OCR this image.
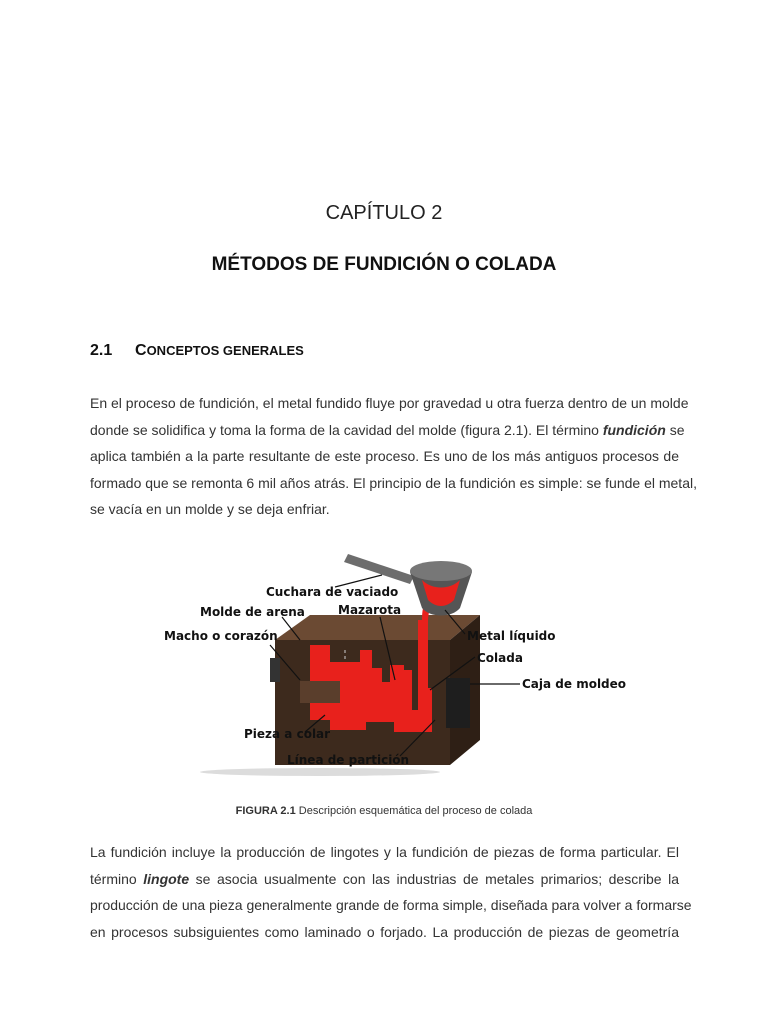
CAPÍTULO 2
MÉTODOS DE FUNDICIÓN O COLADA
2.1 CONCEPTOS GENERALES
En el proceso de fundición, el metal fundido fluye por gravedad u otra fuerza dentro de un molde
donde se solidifica y toma la forma de la cavidad del molde (figura 2.1). El término fundición se
aplica también a la parte resultante de este proceso. Es uno de los más antiguos procesos de
formado que se remonta 6 mil años atrás. El principio de la fundición es simple: se funde el metal,
se vacía en un molde y se deja enfriar.
Cuchara de vaciado
Molde de arena	Mazarota
Macho o corazón	Metal líquido
Colada
Caja de moldeo
Pieza a colar
Línea de partición
FIGURA 2.1 Descripción esquemática del proceso de colada
La fundición incluye la producción de lingotes y la fundición de piezas de forma particular. El
término lingote se asocia usualmente con las industrias de metales primarios; describe la
producción de una pieza generalmente grande de forma simple, diseñada para volver a formarse
en procesos subsiguientes como laminado o forjado. La producción de piezas de geometría
